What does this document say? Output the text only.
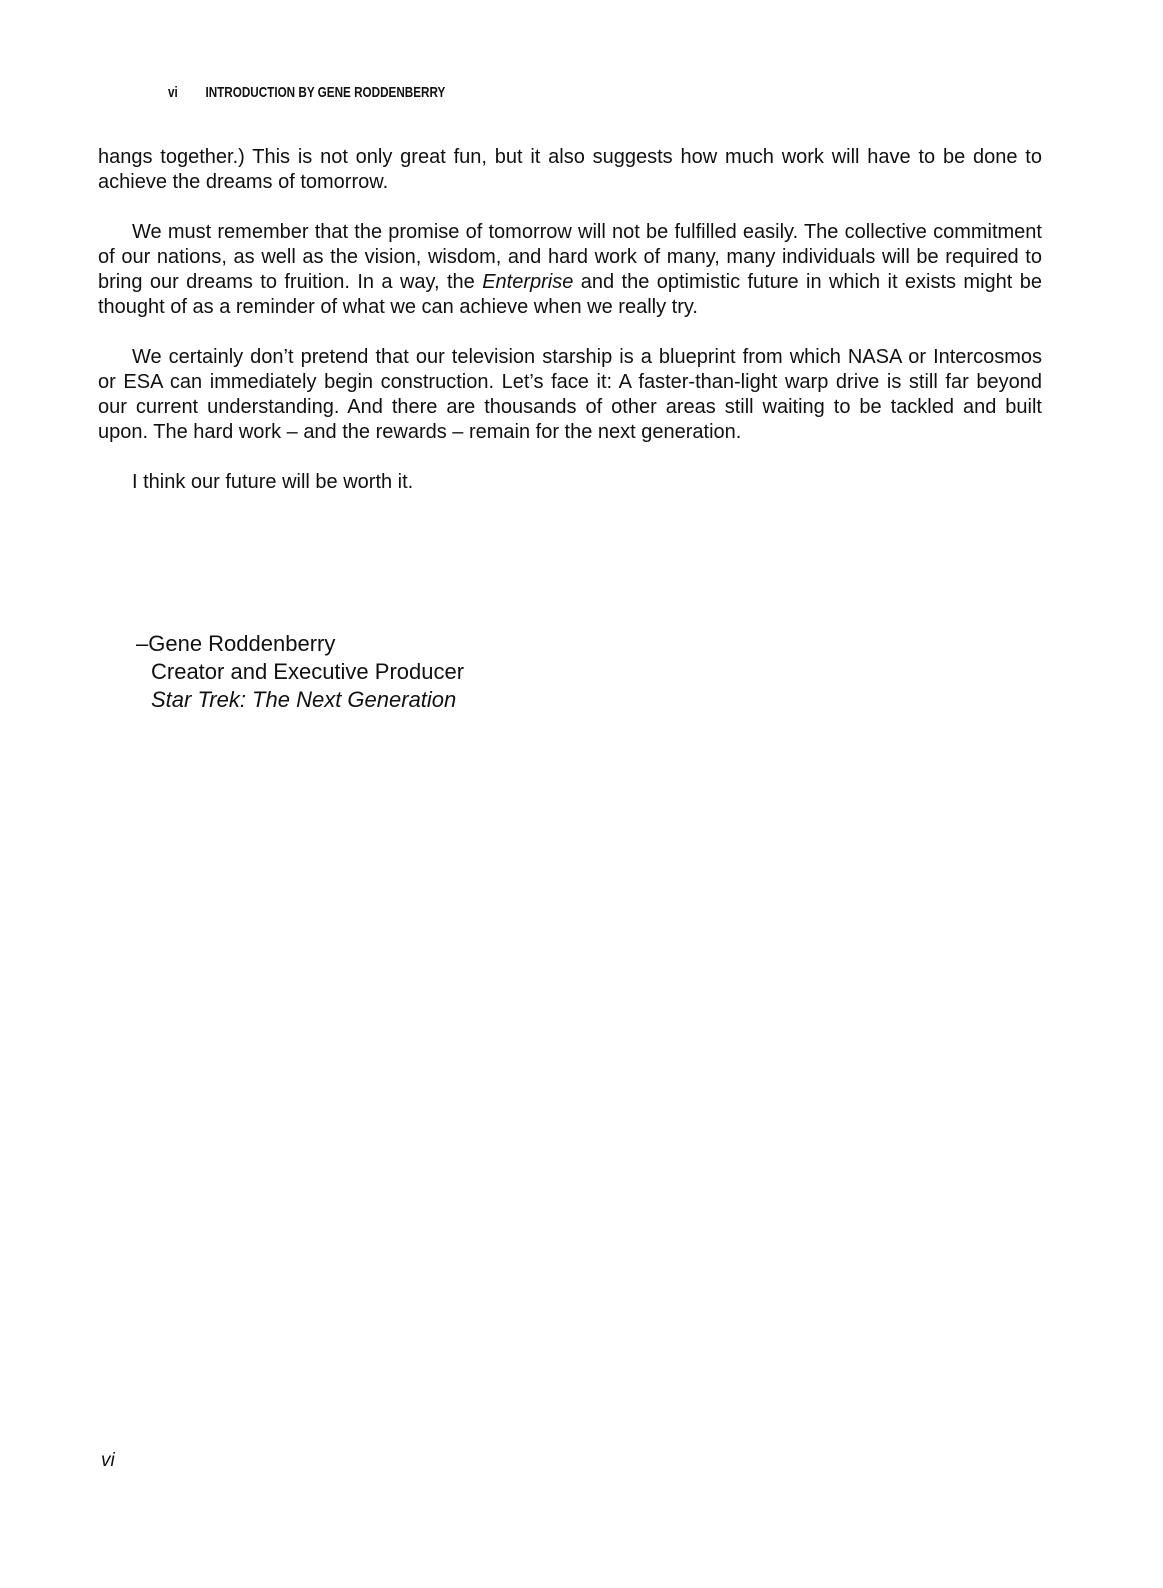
vi INTRODUCTION BY GENE RODDENBERRY

hangs together.) This is not only great fun, but it also suggests how much work will have to be done to achieve the dreams of tomorrow.

We must remember that the promise of tomorrow will not be fulfilled easily. The collective commitment of our nations, as well as the vision, wisdom, and hard work of many, many individuals will be required to bring our dreams to fruition. In a way, the Enterprise and the optimistic future in which it exists might be thought of as a reminder of what we can achieve when we really try.

We certainly don’t pretend that our television starship is a blueprint from which NASA or Intercosmos or ESA can immediately begin construction. Let’s face it: A faster-than-light warp drive is still far beyond our current understanding. And there are thousands of other areas still waiting to be tackled and built upon. The hard work – and the rewards – remain for the next generation.

I think our future will be worth it.

–Gene Roddenberry
Creator and Executive Producer
Star Trek: The Next Generation
vi
